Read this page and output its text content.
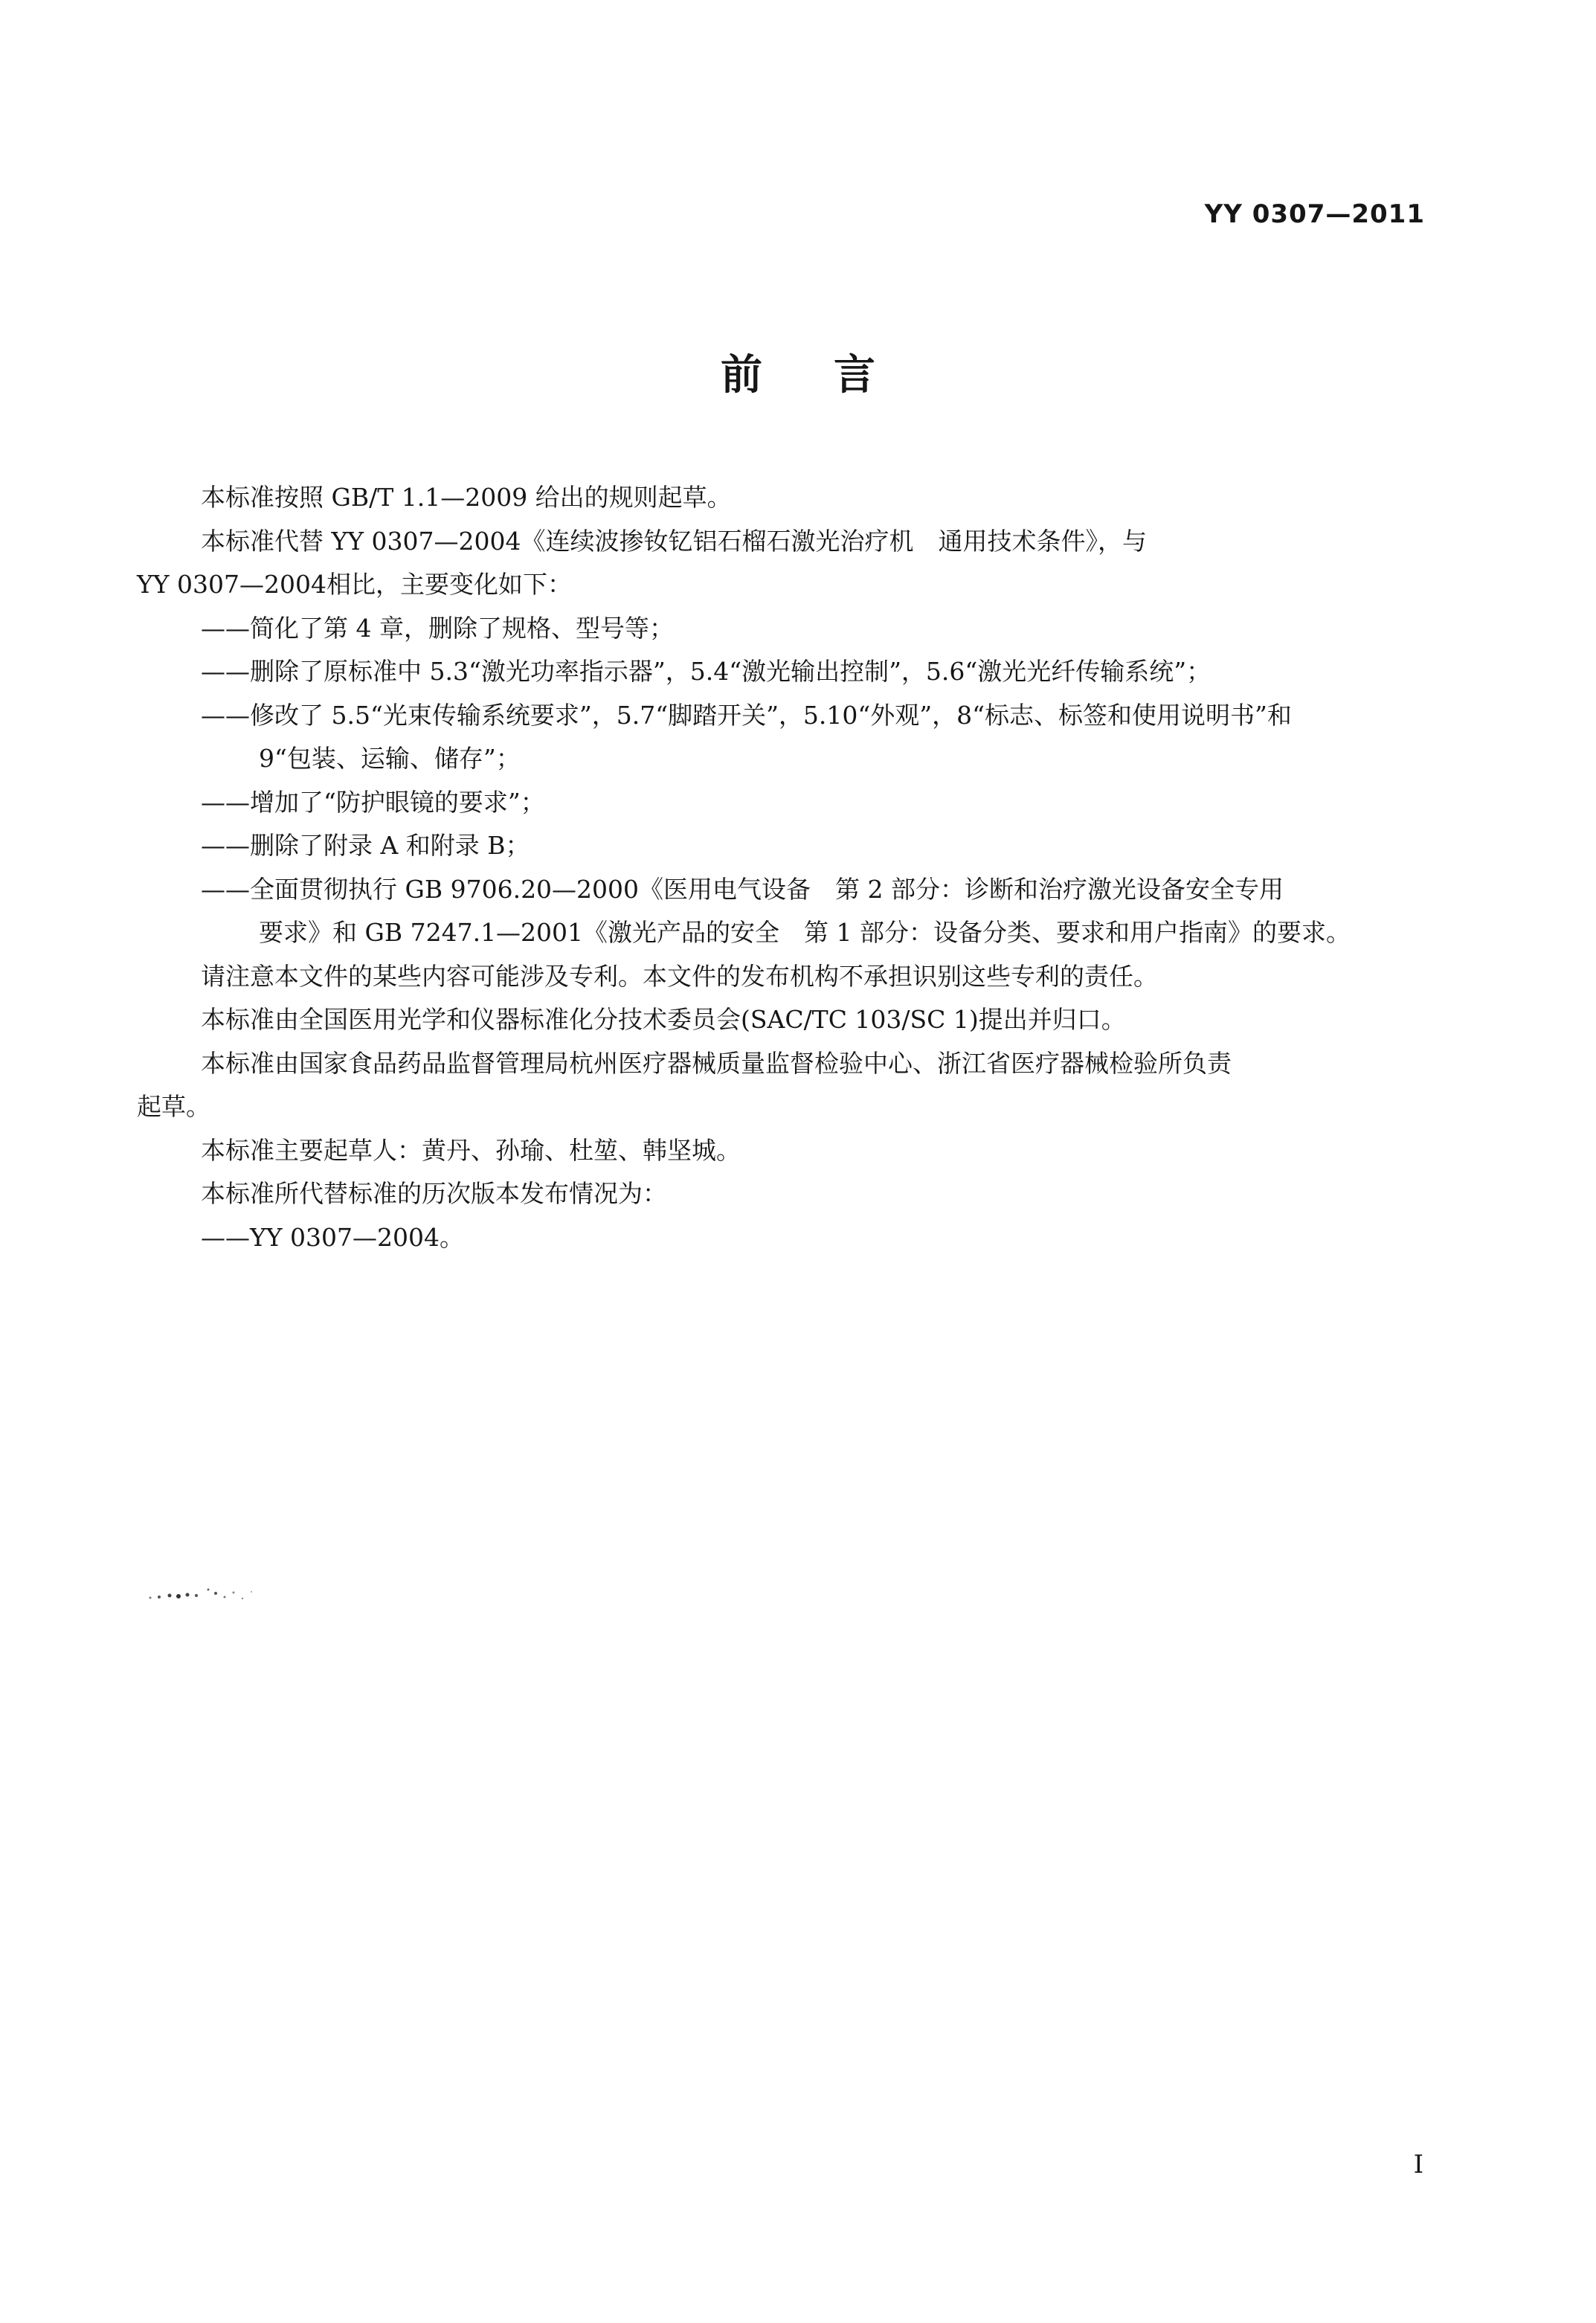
YY 0307—2011
前言

本标准按照 GB/T 1.1—2009 给出的规则起草。

本标准代替 YY 0307—2004《连续波掺钕钇铝石榴石激光治疗机　通用技术条件》，与

YY 0307—2004相比，主要变化如下：

——简化了第 4 章，删除了规格、型号等；

——删除了原标准中 5.3“激光功率指示器”，5.4“激光输出控制”，5.6“激光光纤传输系统”；

——修改了 5.5“光束传输系统要求”，5.7“脚踏开关”，5.10“外观”，8“标志、标签和使用说明书”和

9“包装、运输、储存”；

——增加了“防护眼镜的要求”；

——删除了附录 A 和附录 B；

——全面贯彻执行 GB 9706.20—2000《医用电气设备　第 2 部分：诊断和治疗激光设备安全专用

要求》和 GB 7247.1—2001《激光产品的安全　第 1 部分：设备分类、要求和用户指南》的要求。

请注意本文件的某些内容可能涉及专利。本文件的发布机构不承担识别这些专利的责任。

本标准由全国医用光学和仪器标准化分技术委员会(SAC/TC 103/SC 1)提出并归口。

本标准由国家食品药品监督管理局杭州医疗器械质量监督检验中心、浙江省医疗器械检验所负责

起草。

本标准主要起草人：黄丹、孙瑜、杜堃、韩坚城。

本标准所代替标准的历次版本发布情况为：

——YY 0307—2004。

I
